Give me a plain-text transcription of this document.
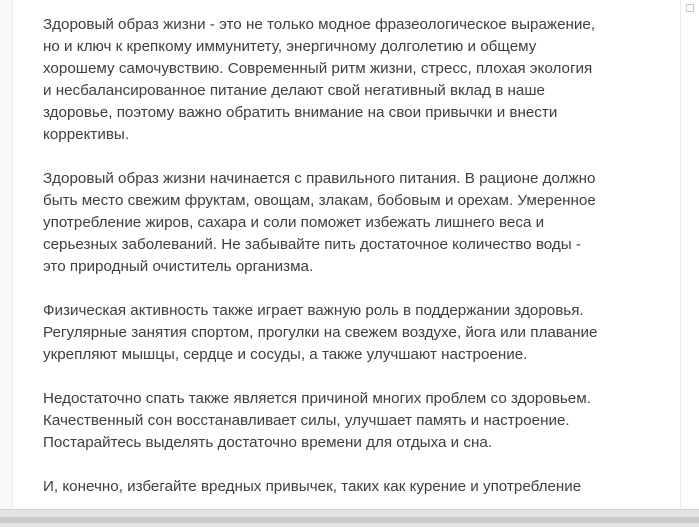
Здоровый образ жизни - это не только модное фразеологическое выражение,
но и ключ к крепкому иммунитету, энергичному долголетию и общему
хорошему самочувствию. Современный ритм жизни, стресс, плохая экология
и несбалансированное питание делают свой негативный вклад в наше
здоровье, поэтому важно обратить внимание на свои привычки и внести
коррективы.

Здоровый образ жизни начинается с правильного питания. В рационе должно
быть место свежим фруктам, овощам, злакам, бобовым и орехам. Умеренное
употребление жиров, сахара и соли поможет избежать лишнего веса и
серьезных заболеваний. Не забывайте пить достаточное количество воды -
это природный очиститель организма.

Физическая активность также играет важную роль в поддержании здоровья.
Регулярные занятия спортом, прогулки на свежем воздухе, йога или плавание
укрепляют мышцы, сердце и сосуды, а также улучшают настроение.

Недостаточно спать также является причиной многих проблем со здоровьем.
Качественный сон восстанавливает силы, улучшает память и настроение.
Постарайтесь выделять достаточно времени для отдыха и сна.

И, конечно, избегайте вредных привычек, таких как курение и употребление
